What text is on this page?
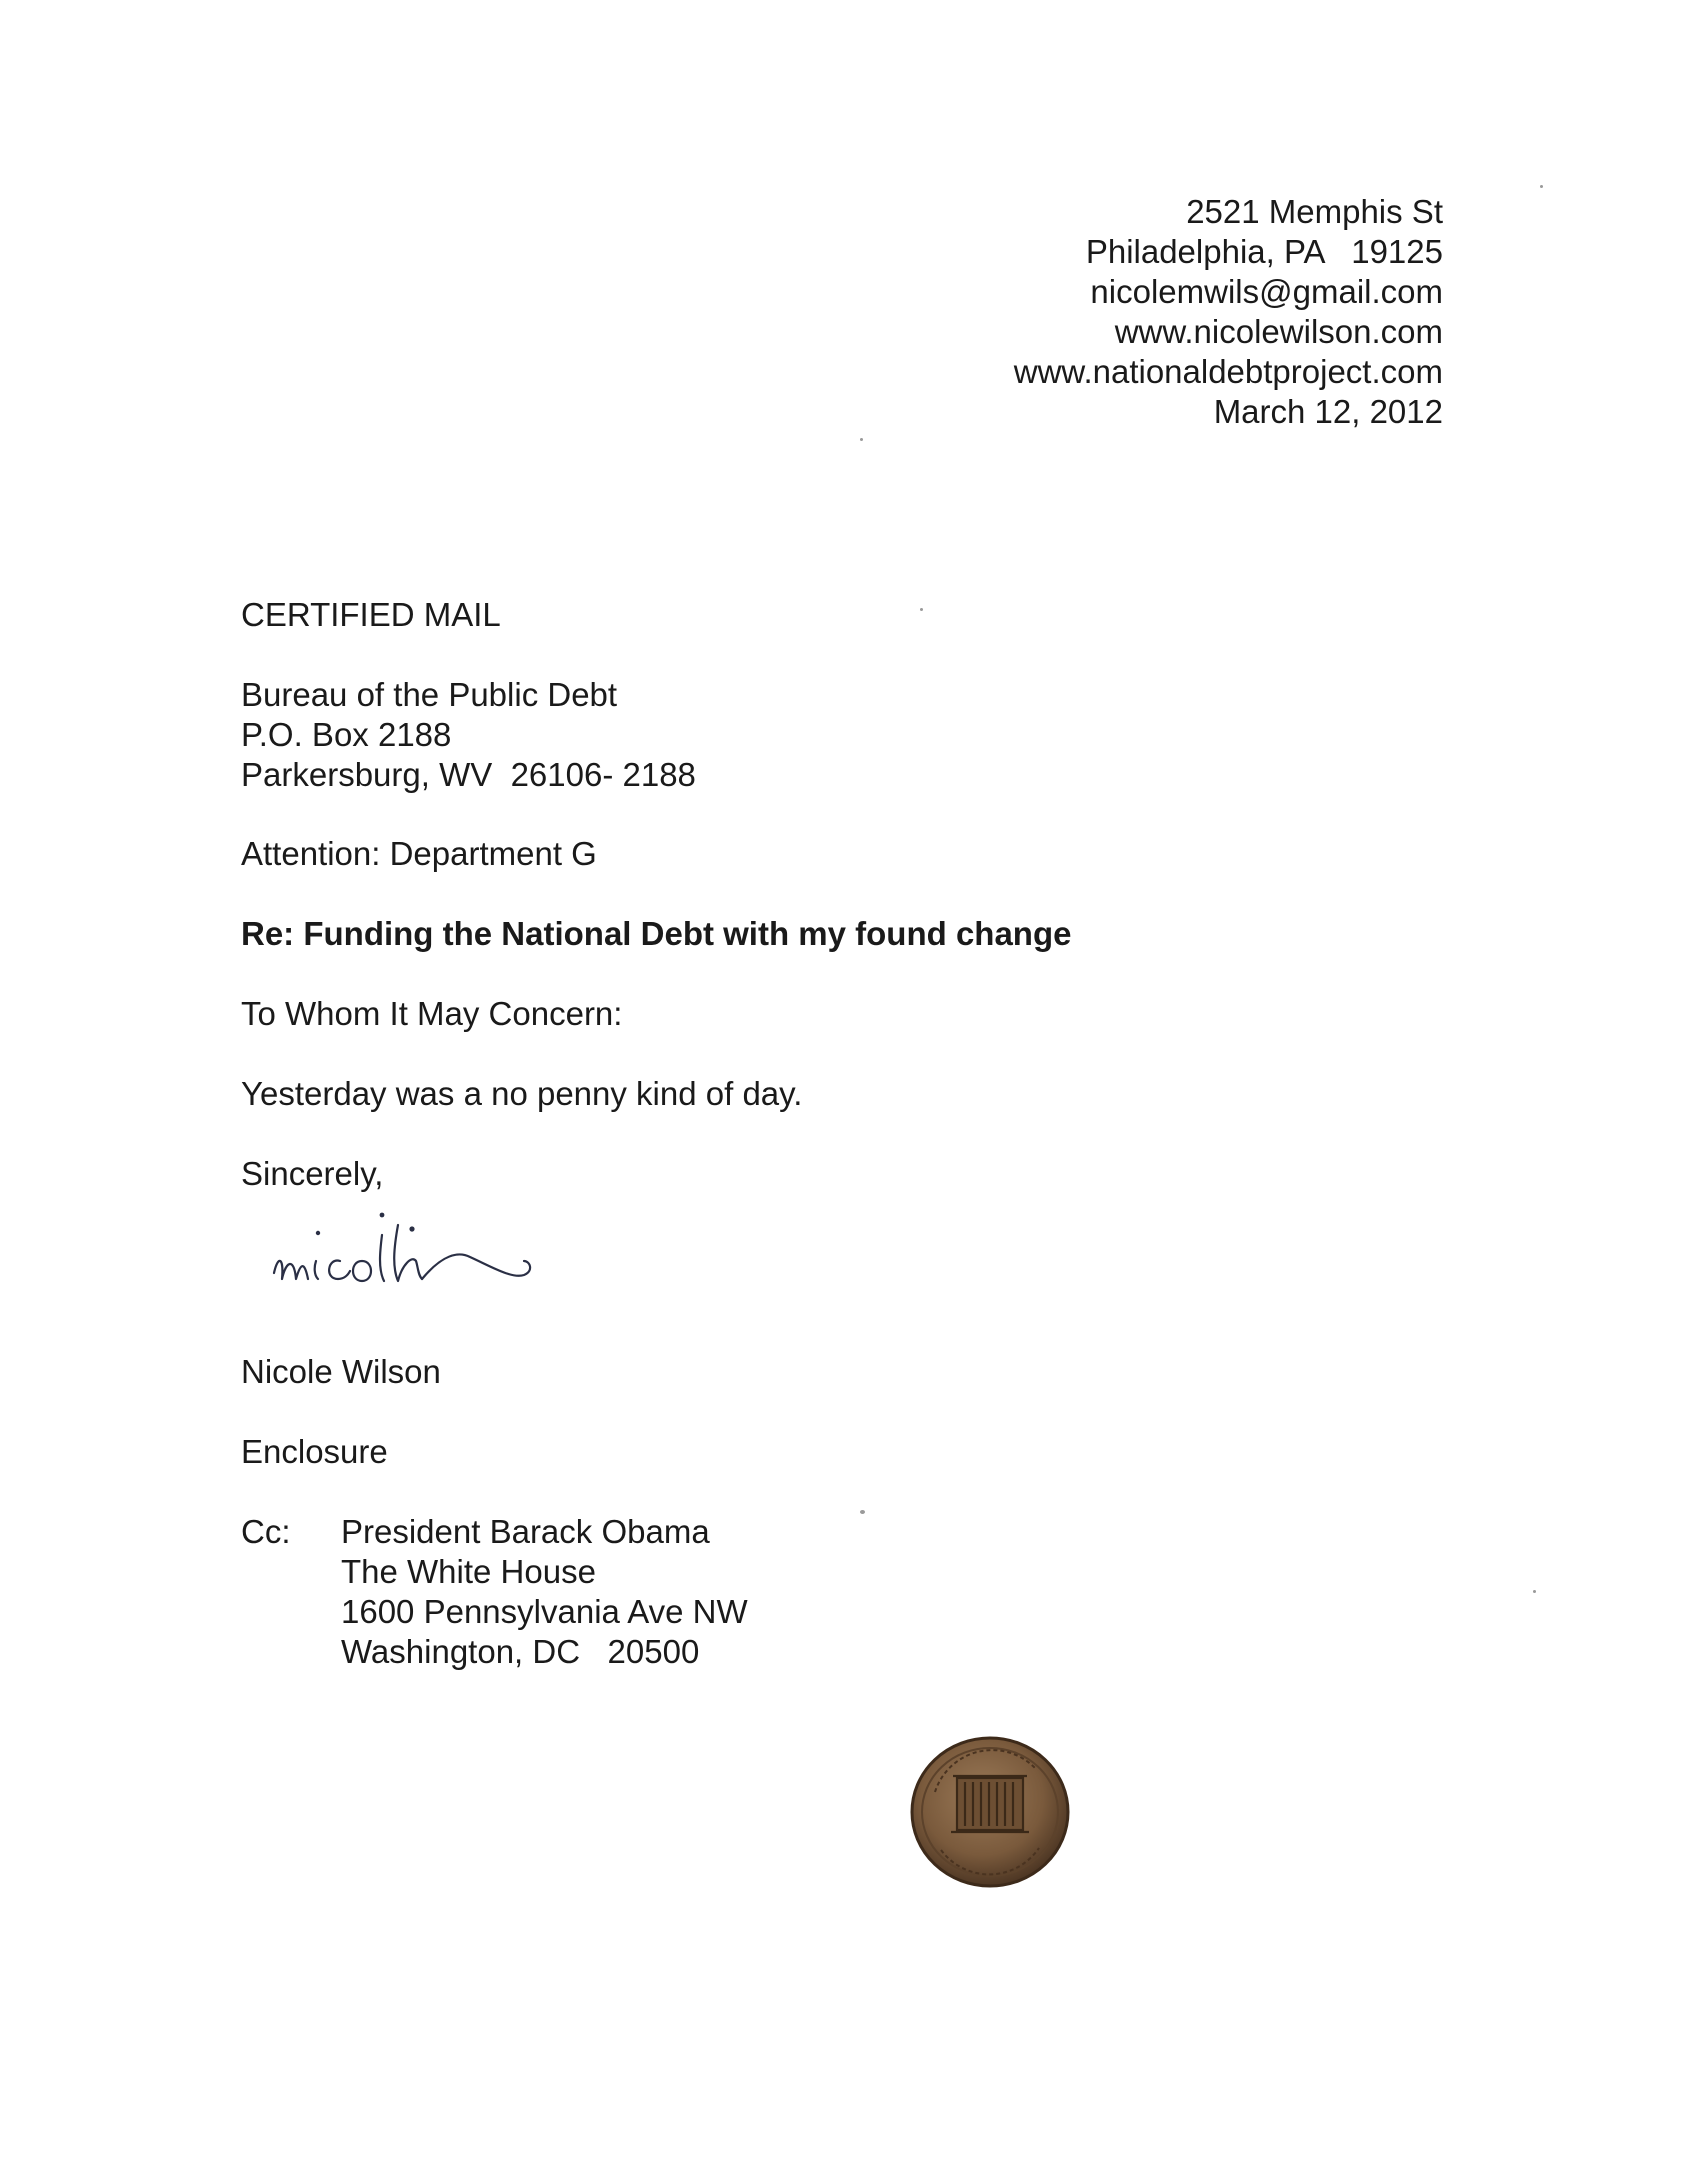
2521 Memphis St
Philadelphia, PA   19125
nicolemwils@gmail.com
www.nicolewilson.com
www.nationaldebtproject.com
March 12, 2012
CERTIFIED MAIL
Bureau of the Public Debt
P.O. Box 2188
Parkersburg, WV  26106- 2188
Attention: Department G
Re: Funding the National Debt with my found change
To Whom It May Concern:
Yesterday was a no penny kind of day.
Sincerely,
Nicole Wilson
Enclosure
Cc: President Barack Obama
The White House
1600 Pennsylvania Ave NW
Washington, DC   20500
